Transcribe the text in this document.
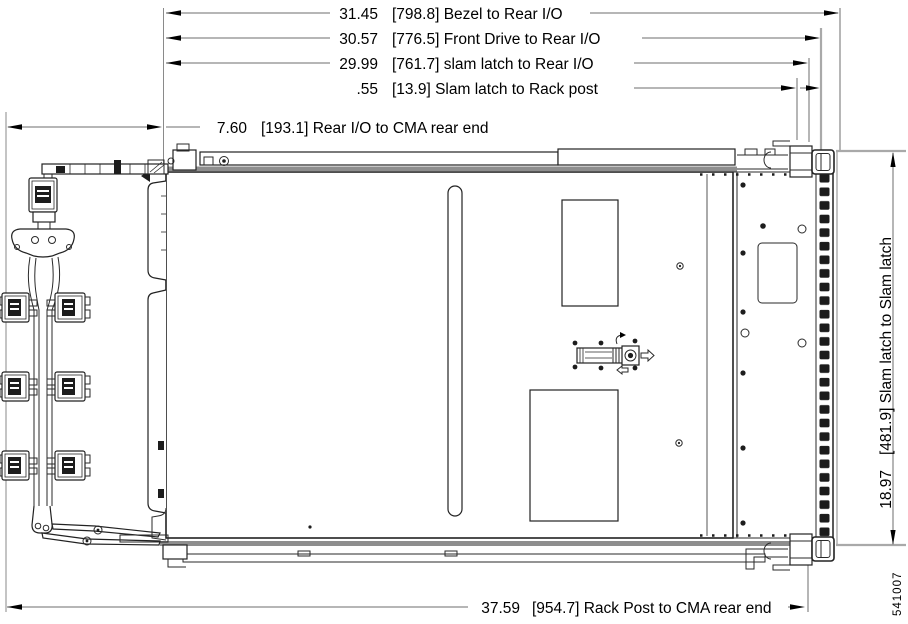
31.45 [798.8] Bezel to Rear I/O
30.57 [776.5] Front Drive to Rear I/O
29.99 [761.7] slam latch to Rear I/O
.55 [13.9] Slam latch to Rack post
7.60 [193.1] Rear I/O to CMA rear end
37.59 [954.7] Rack Post to CMA rear end
18.97
[481.9] Slam latch to Slam latch
541007
